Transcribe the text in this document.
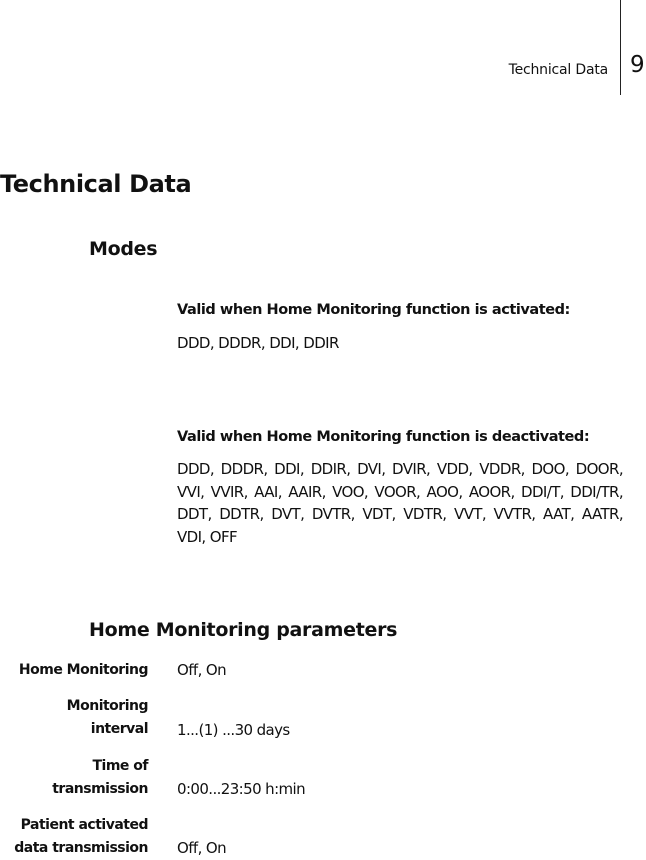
Technical Data 9
Technical Data
Modes
Valid when Home Monitoring function is activated:
DDD, DDDR, DDI, DDIR
Valid when Home Monitoring function is deactivated:
DDD, DDDR, DDI, DDIR, DVI, DVIR, VDD, VDDR, DOO, DOOR, VVI, VVIR, AAI, AAIR, VOO, VOOR, AOO, AOOR, DDI/T, DDI/TR, DDT, DDTR, DVT, DVTR, VDT, VDTR, VVT, VVTR, AAT, AATR, VDI, OFF
Home Monitoring parameters
Home Monitoring Off, On
Monitoring
interval 1...(1) ...30 days
Time of
transmission 0:00...23:50 h:min
Patient activated
data transmission Off, On
